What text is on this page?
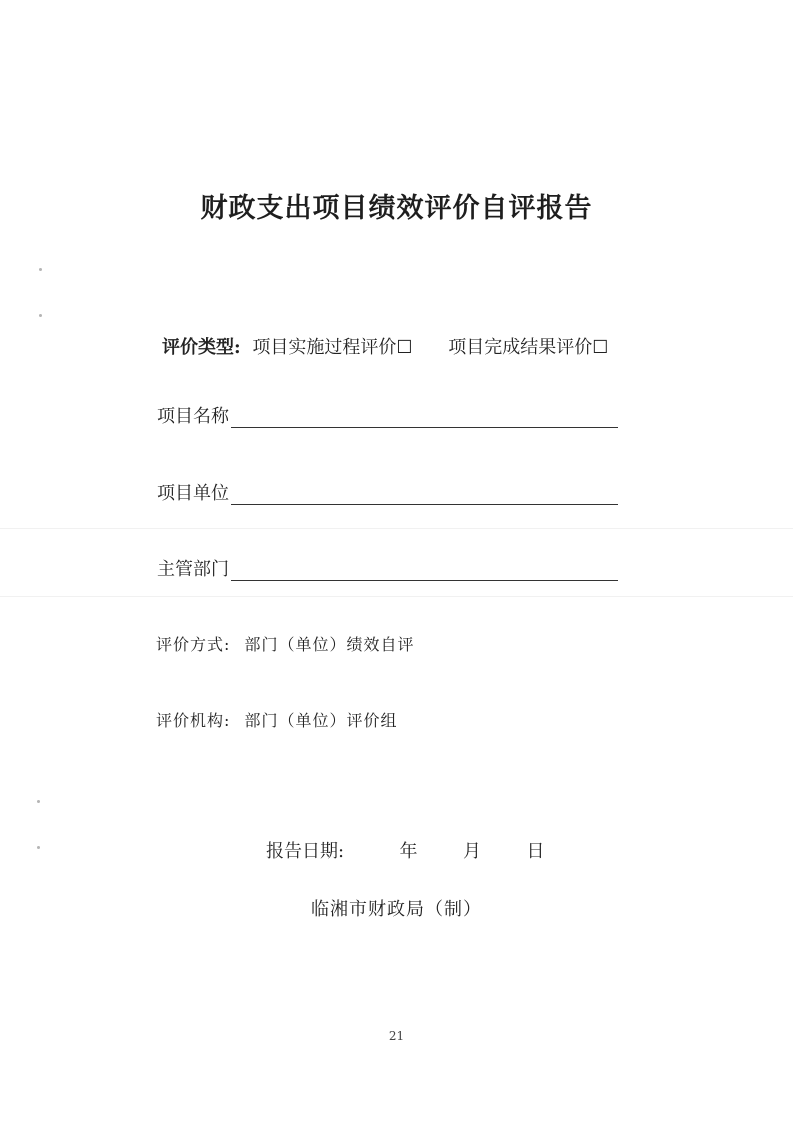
财政支出项目绩效评价自评报告
评价类型: 项目实施过程评价☐ 项目完成结果评价☐
项目名称
项目单位
主管部门
评价方式: 部门（单位）绩效自评
评价机构: 部门（单位）评价组
报告日期:	年	月	日
临湘市财政局（制）
21
